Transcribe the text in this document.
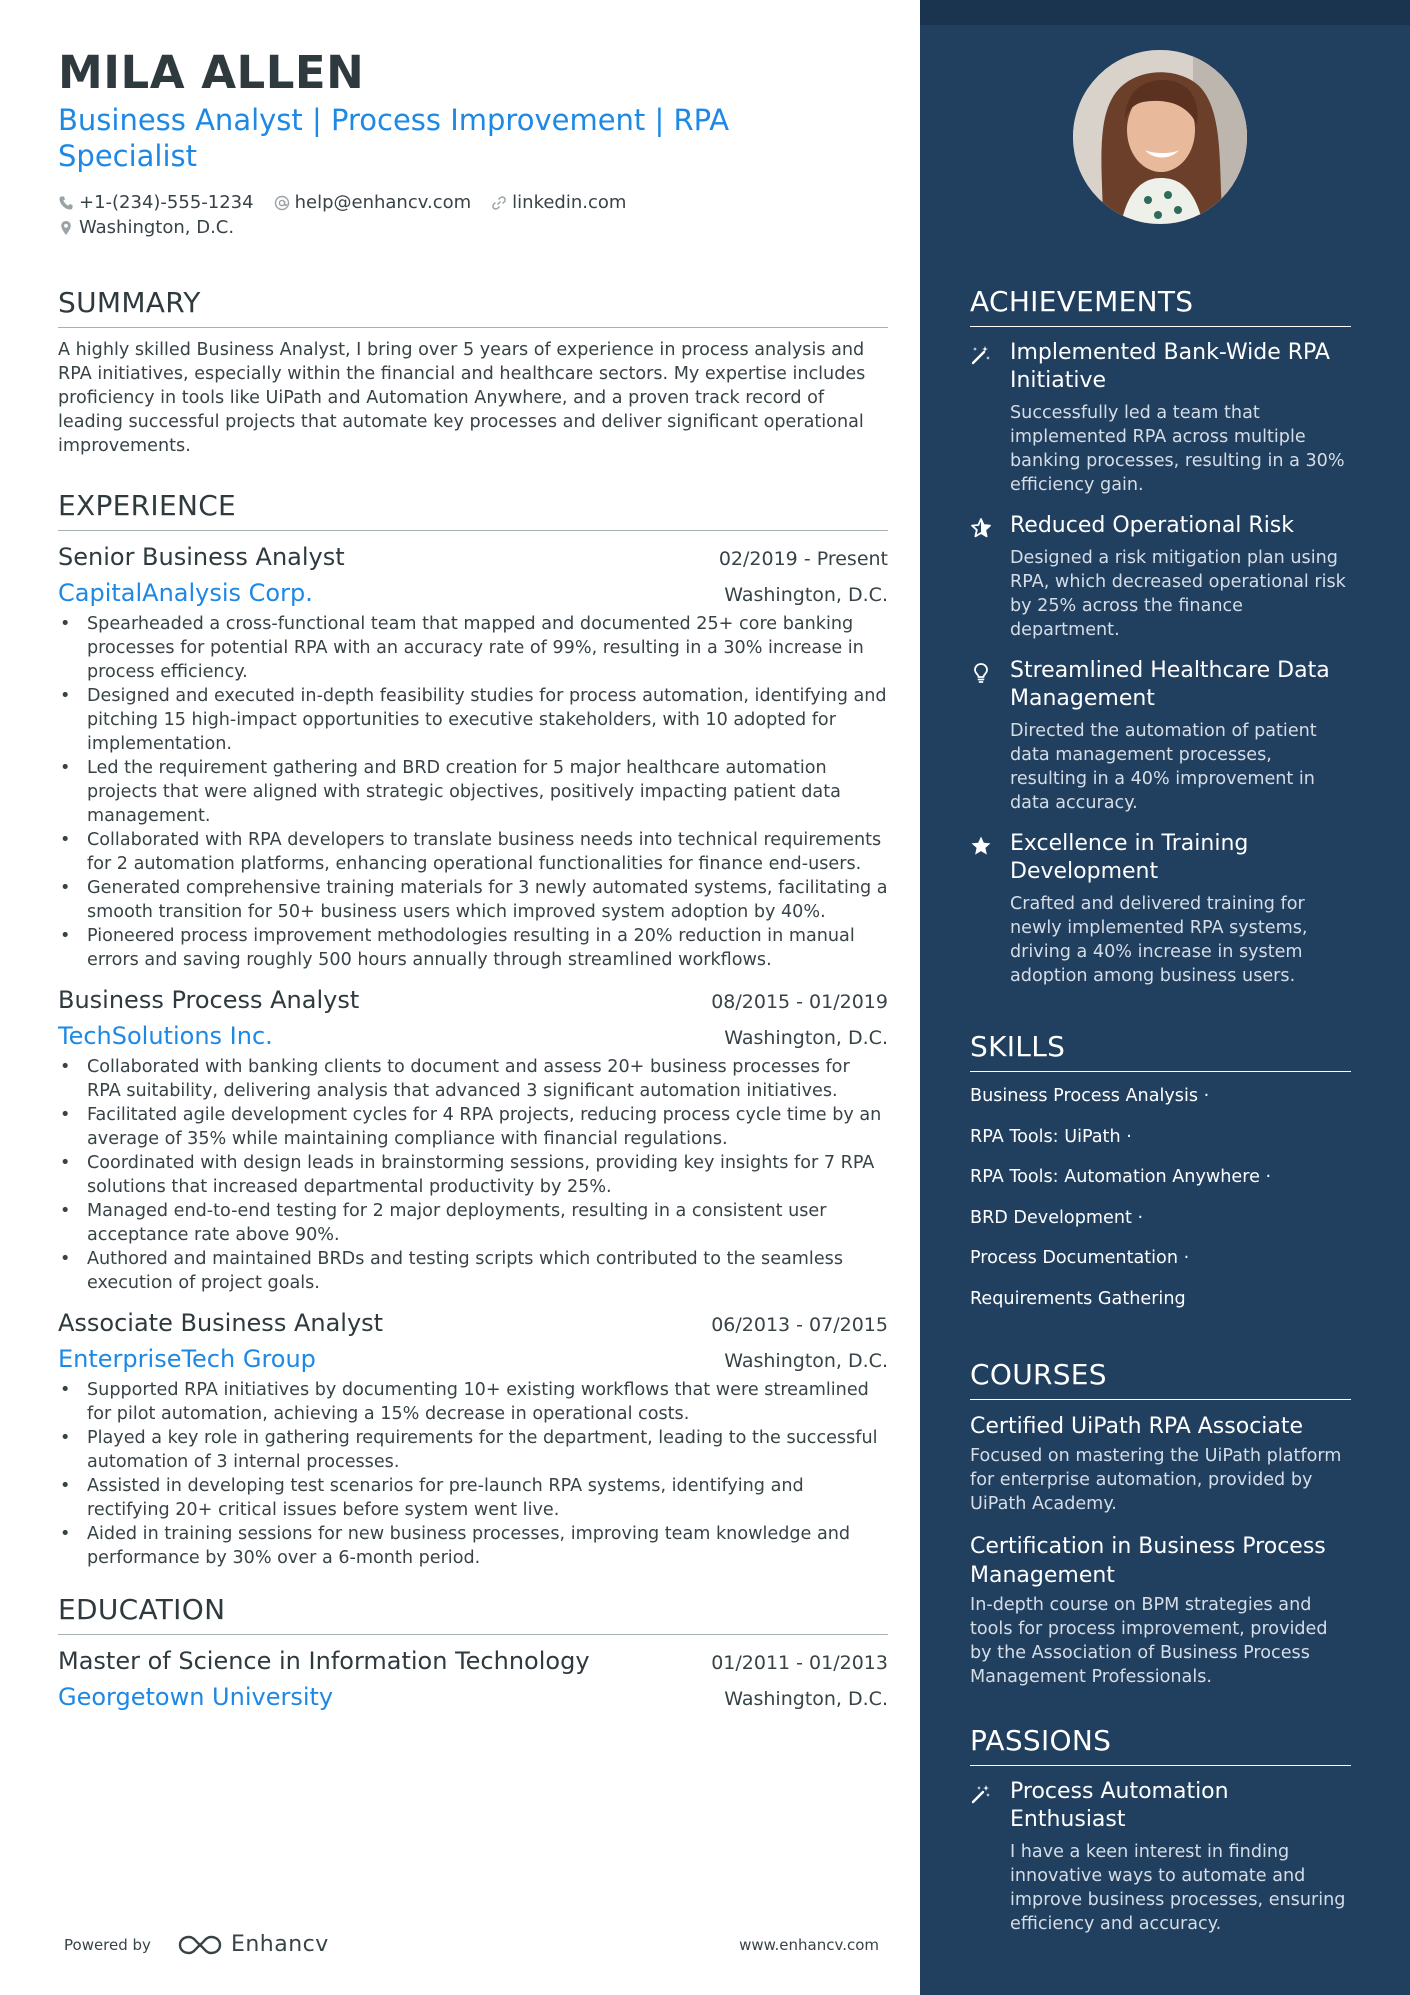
MILA ALLEN
Business Analyst | Process Improvement | RPA Specialist
+1-(234)-555-1234 help@enhancv.com linkedin.com
Washington, D.C.
SUMMARY
A highly skilled Business Analyst, I bring over 5 years of experience in process analysis and RPA initiatives, especially within the financial and healthcare sectors. My expertise includes proficiency in tools like UiPath and Automation Anywhere, and a proven track record of leading successful projects that automate key processes and deliver significant operational improvements.
EXPERIENCE
Senior Business Analyst	02/2019 - Present
CapitalAnalysis Corp.	Washington, D.C.
• Spearheaded a cross-functional team that mapped and documented 25+ core banking processes for potential RPA with an accuracy rate of 99%, resulting in a 30% increase in process efficiency.
• Designed and executed in-depth feasibility studies for process automation, identifying and pitching 15 high-impact opportunities to executive stakeholders, with 10 adopted for implementation.
• Led the requirement gathering and BRD creation for 5 major healthcare automation projects that were aligned with strategic objectives, positively impacting patient data management.
• Collaborated with RPA developers to translate business needs into technical requirements for 2 automation platforms, enhancing operational functionalities for finance end-users.
• Generated comprehensive training materials for 3 newly automated systems, facilitating a smooth transition for 50+ business users which improved system adoption by 40%.
• Pioneered process improvement methodologies resulting in a 20% reduction in manual errors and saving roughly 500 hours annually through streamlined workflows.
Business Process Analyst	08/2015 - 01/2019
TechSolutions Inc.	Washington, D.C.
• Collaborated with banking clients to document and assess 20+ business processes for RPA suitability, delivering analysis that advanced 3 significant automation initiatives.
• Facilitated agile development cycles for 4 RPA projects, reducing process cycle time by an average of 35% while maintaining compliance with financial regulations.
• Coordinated with design leads in brainstorming sessions, providing key insights for 7 RPA solutions that increased departmental productivity by 25%.
• Managed end-to-end testing for 2 major deployments, resulting in a consistent user acceptance rate above 90%.
• Authored and maintained BRDs and testing scripts which contributed to the seamless execution of project goals.
Associate Business Analyst	06/2013 - 07/2015
EnterpriseTech Group	Washington, D.C.
• Supported RPA initiatives by documenting 10+ existing workflows that were streamlined for pilot automation, achieving a 15% decrease in operational costs.
• Played a key role in gathering requirements for the department, leading to the successful automation of 3 internal processes.
• Assisted in developing test scenarios for pre-launch RPA systems, identifying and rectifying 20+ critical issues before system went live.
• Aided in training sessions for new business processes, improving team knowledge and performance by 30% over a 6-month period.
EDUCATION
Master of Science in Information Technology	01/2011 - 01/2013
Georgetown University	Washington, D.C.
Powered by	Enhancv	www.enhancv.com
ACHIEVEMENTS
Implemented Bank-Wide RPA Initiative
Successfully led a team that implemented RPA across multiple banking processes, resulting in a 30% efficiency gain.
Reduced Operational Risk
Designed a risk mitigation plan using RPA, which decreased operational risk by 25% across the finance department.
Streamlined Healthcare Data Management
Directed the automation of patient data management processes, resulting in a 40% improvement in data accuracy.
Excellence in Training Development
Crafted and delivered training for newly implemented RPA systems, driving a 40% increase in system adoption among business users.
SKILLS
Business Process Analysis ·
RPA Tools: UiPath ·
RPA Tools: Automation Anywhere ·
BRD Development ·
Process Documentation ·
Requirements Gathering
COURSES
Certified UiPath RPA Associate
Focused on mastering the UiPath platform for enterprise automation, provided by UiPath Academy.
Certification in Business Process Management
In-depth course on BPM strategies and tools for process improvement, provided by the Association of Business Process Management Professionals.
PASSIONS
Process Automation Enthusiast
I have a keen interest in finding innovative ways to automate and improve business processes, ensuring efficiency and accuracy.
